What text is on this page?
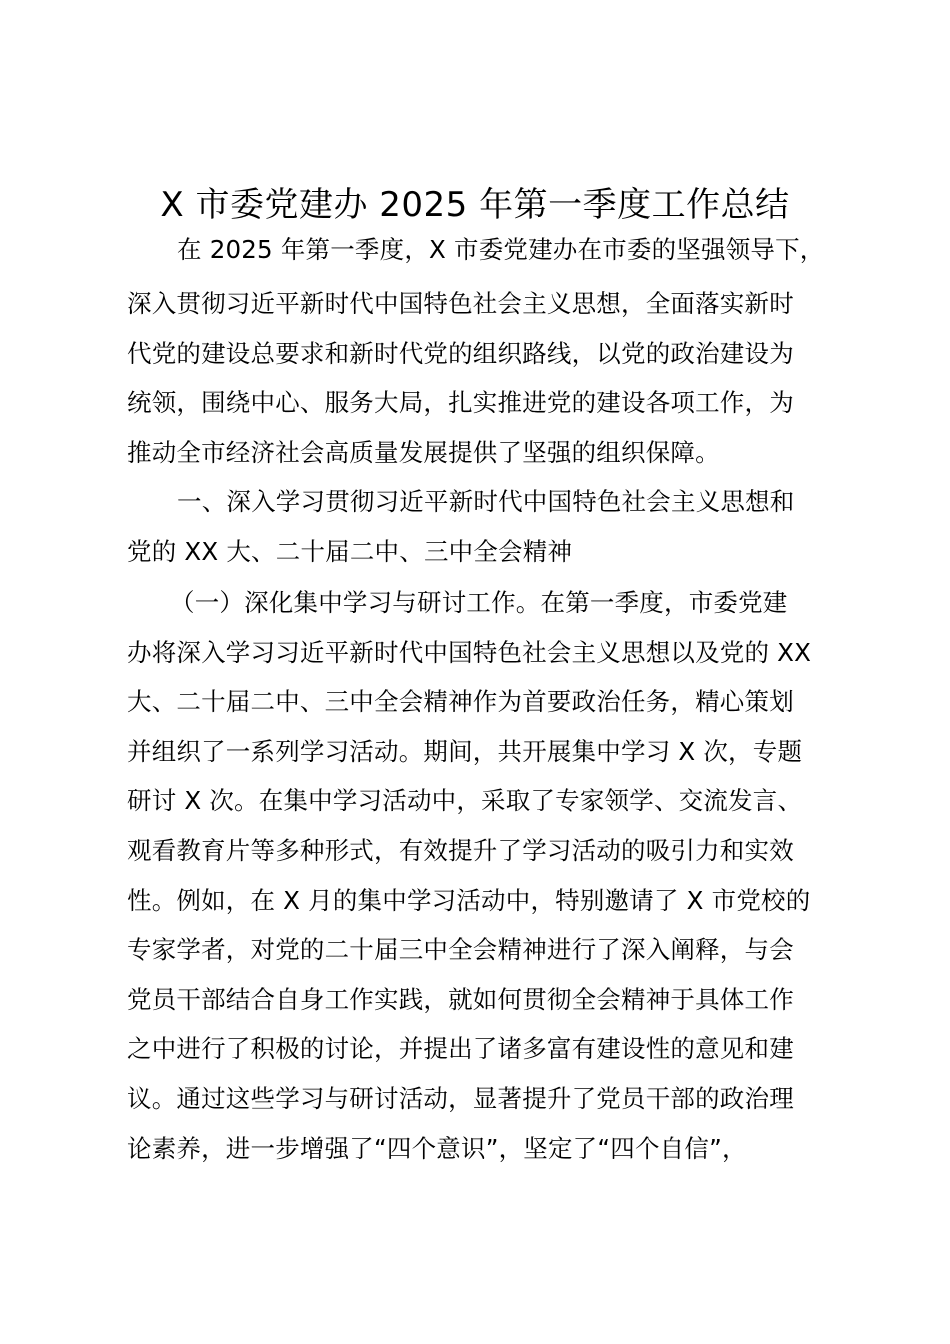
X 市委党建办 2025 年第一季度工作总结
在 2025 年第一季度，X 市委党建办在市委的坚强领导下，
深入贯彻习近平新时代中国特色社会主义思想，全面落实新时
代党的建设总要求和新时代党的组织路线，以党的政治建设为
统领，围绕中心、服务大局，扎实推进党的建设各项工作，为
推动全市经济社会高质量发展提供了坚强的组织保障。
一、深入学习贯彻习近平新时代中国特色社会主义思想和
党的 XX 大、二十届二中、三中全会精神
（一）深化集中学习与研讨工作。在第一季度，市委党建
办将深入学习习近平新时代中国特色社会主义思想以及党的 XX
大、二十届二中、三中全会精神作为首要政治任务，精心策划
并组织了一系列学习活动。期间，共开展集中学习 X 次，专题
研讨 X 次。在集中学习活动中，采取了专家领学、交流发言、
观看教育片等多种形式，有效提升了学习活动的吸引力和实效
性。例如，在 X 月的集中学习活动中，特别邀请了 X 市党校的
专家学者，对党的二十届三中全会精神进行了深入阐释，与会
党员干部结合自身工作实践，就如何贯彻全会精神于具体工作
之中进行了积极的讨论，并提出了诸多富有建设性的意见和建
议。通过这些学习与研讨活动，显著提升了党员干部的政治理
论素养，进一步增强了“四个意识”，坚定了“四个自信”，
